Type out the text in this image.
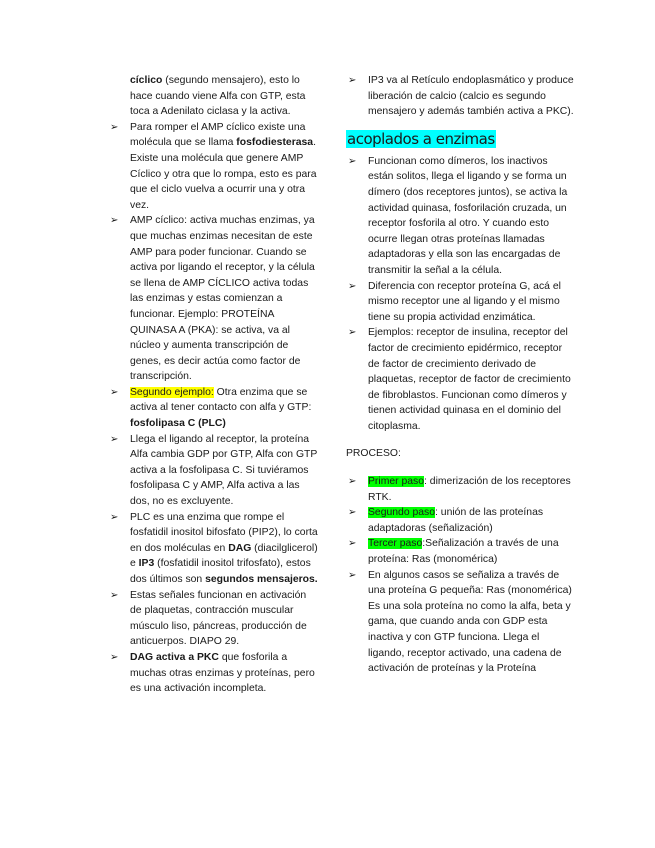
cíclico (segundo mensajero), esto lo hace cuando viene Alfa con GTP, esta toca a Adenilato ciclasa y la activa.

➢ Para romper el AMP cíclico existe una molécula que se llama fosfodiesterasa. Existe una molécula que genere AMP Cíclico y otra que lo rompa, esto es para que el ciclo vuelva a ocurrir una y otra vez.

➢ AMP cíclico: activa muchas enzimas, ya que muchas enzimas necesitan de este AMP para poder funcionar. Cuando se activa por ligando el receptor, y la célula se llena de AMP CÍCLICO activa todas las enzimas y estas comienzan a funcionar. Ejemplo: PROTEÍNA QUINASA A (PKA): se activa, va al núcleo y aumenta transcripción de genes, es decir actúa como factor de transcripción.

➢ Segundo ejemplo: Otra enzima que se activa al tener contacto con alfa y GTP: fosfolipasa C (PLC)

➢ Llega el ligando al receptor, la proteína Alfa cambia GDP por GTP, Alfa con GTP activa a la fosfolipasa C. Si tuviéramos fosfolipasa C y AMP, Alfa activa a las dos, no es excluyente.

➢ PLC es una enzima que rompe el fosfatidil inositol bifosfato (PIP2), lo corta en dos moléculas en DAG (diacilglicerol) e IP3 (fosfatidil inositol trifosfato), estos dos últimos son segundos mensajeros.

➢ Estas señales funcionan en activación de plaquetas, contracción muscular músculo liso, páncreas, producción de anticuerpos. DIAPO 29.

➢ DAG activa a PKC que fosforila a muchas otras enzimas y proteínas, pero es una activación incompleta.

➢ IP3 va al Retículo endoplasmático y produce liberación de calcio (calcio es segundo mensajero y además también activa a PKC).

acoplados a enzimas

➢ Funcionan como dímeros, los inactivos están solitos, llega el ligando y se forma un dímero (dos receptores juntos), se activa la actividad quinasa, fosforilación cruzada, un receptor fosforila al otro. Y cuando esto ocurre llegan otras proteínas llamadas adaptadoras y ella son las encargadas de transmitir la señal a la célula.

➢ Diferencia con receptor proteína G, acá el mismo receptor une al ligando y el mismo tiene su propia actividad enzimática.

➢ Ejemplos: receptor de insulina, receptor del factor de crecimiento epidérmico, receptor de factor de crecimiento derivado de plaquetas, receptor de factor de crecimiento de fibroblastos. Funcionan como dímeros y tienen actividad quinasa en el dominio del citoplasma.

PROCESO:

➢ Primer paso: dimerización de los receptores RTK.

➢ Segundo paso: unión de las proteínas adaptadoras (señalización)

➢ Tercer paso:Señalización a través de una proteína: Ras (monomérica)

➢ En algunos casos se señaliza a través de una proteína G pequeña: Ras (monomérica) Es una sola proteína no como la alfa, beta y gama, que cuando anda con GDP esta inactiva y con GTP funciona. Llega el ligando, receptor activado, una cadena de activación de proteínas y la Proteína
